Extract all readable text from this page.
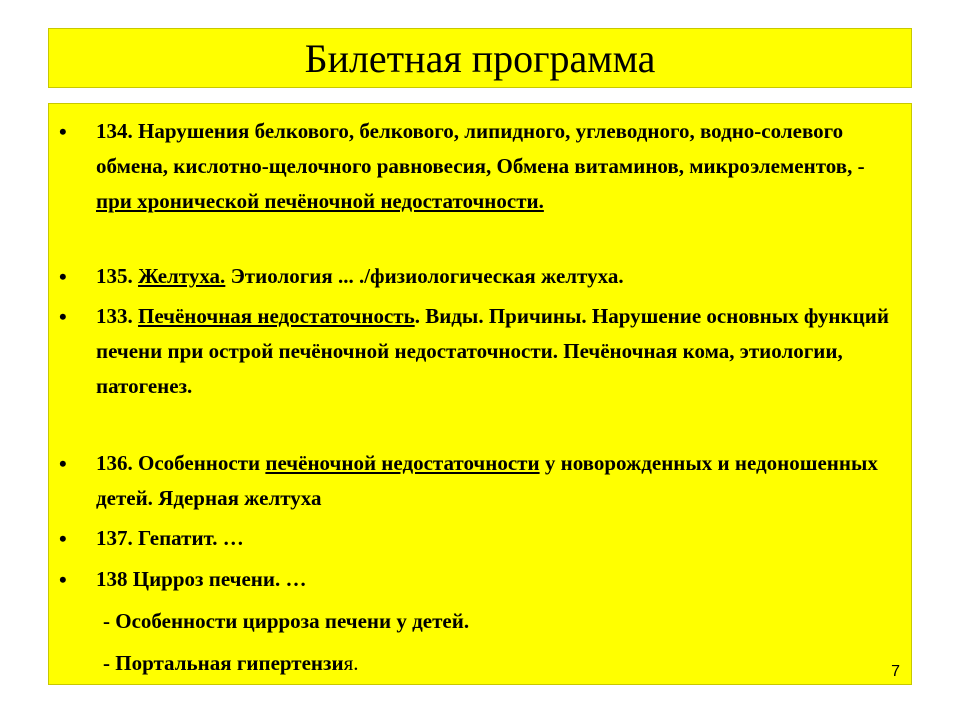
Билетная программа
• 134. Нарушения белкового, белкового, липидного, углеводного, водно-солевого обмена, кислотно-щелочного равновесия, Обмена витаминов, микроэлементов, - при хронической печёночной недостаточности.
• 135. Желтуха. Этиология ... ./физиологическая желтуха.
• 133. Печёночная недостаточность. Виды. Причины. Нарушение основных функций печени при острой печёночной недостаточности. Печёночная кома, этиологии, патогенез.
• 136. Особенности печёночной недостаточности у новорожденных и недоношенных детей. Ядерная желтуха
• 137. Гепатит. …
• 138 Цирроз печени. …
- Особенности цирроза печени у детей.
- Портальная гипертензия.	7
